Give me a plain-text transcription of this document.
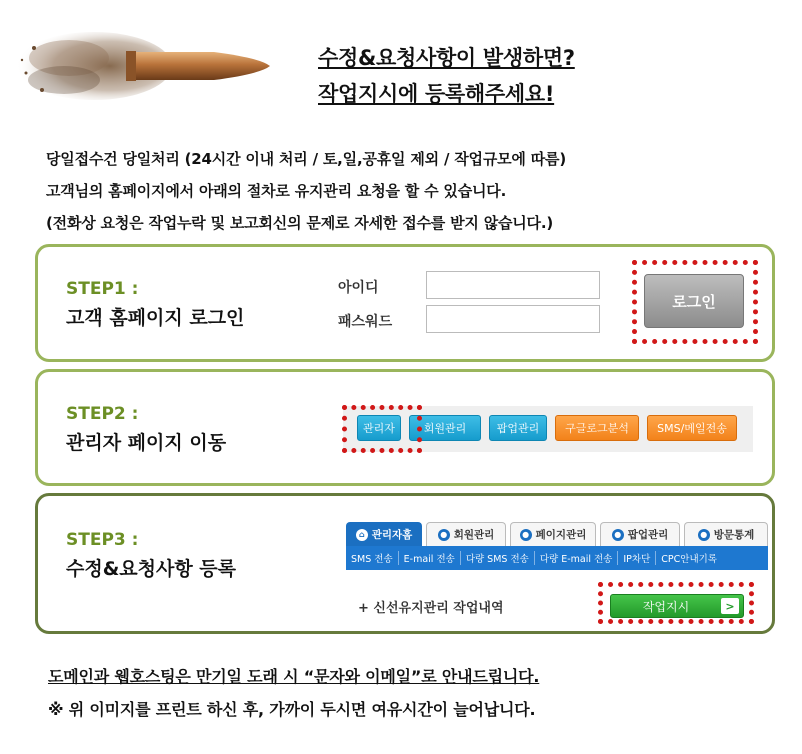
수정&요청사항이 발생하면?
작업지시에 등록해주세요!
당일접수건 당일처리 (24시간 이내 처리 / 토,일,공휴일 제외 / 작업규모에 따름)
고객님의 홈페이지에서 아래의 절차로 유지관리 요청을 할 수 있습니다.
(전화상 요청은 작업누락 및 보고회신의 문제로 자세한 접수를 받지 않습니다.)
STEP1 :
고객 홈페이지 로그인
아이디
패스워드
로그인
STEP2 :
관리자 페이지 이동
관리자	회원관리	팝업관리	구글로그분석	SMS/메일전송
STEP3 :
수정&요청사항 등록
⌂ 관리자홈	● 회원관리	● 페이지관리	● 팝업관리	● 방문통계
SMS 전송	E-mail 전송	다량 SMS 전송	다량 E-mail 전송	IP차단	CPC안내기록
+ 신선유지관리 작업내역	작업지시	>
도메인과 웹호스팅은 만기일 도래 시 “문자와 이메일”로 안내드립니다.
※ 위 이미지를 프린트 하신 후, 가까이 두시면 여유시간이 늘어납니다.
